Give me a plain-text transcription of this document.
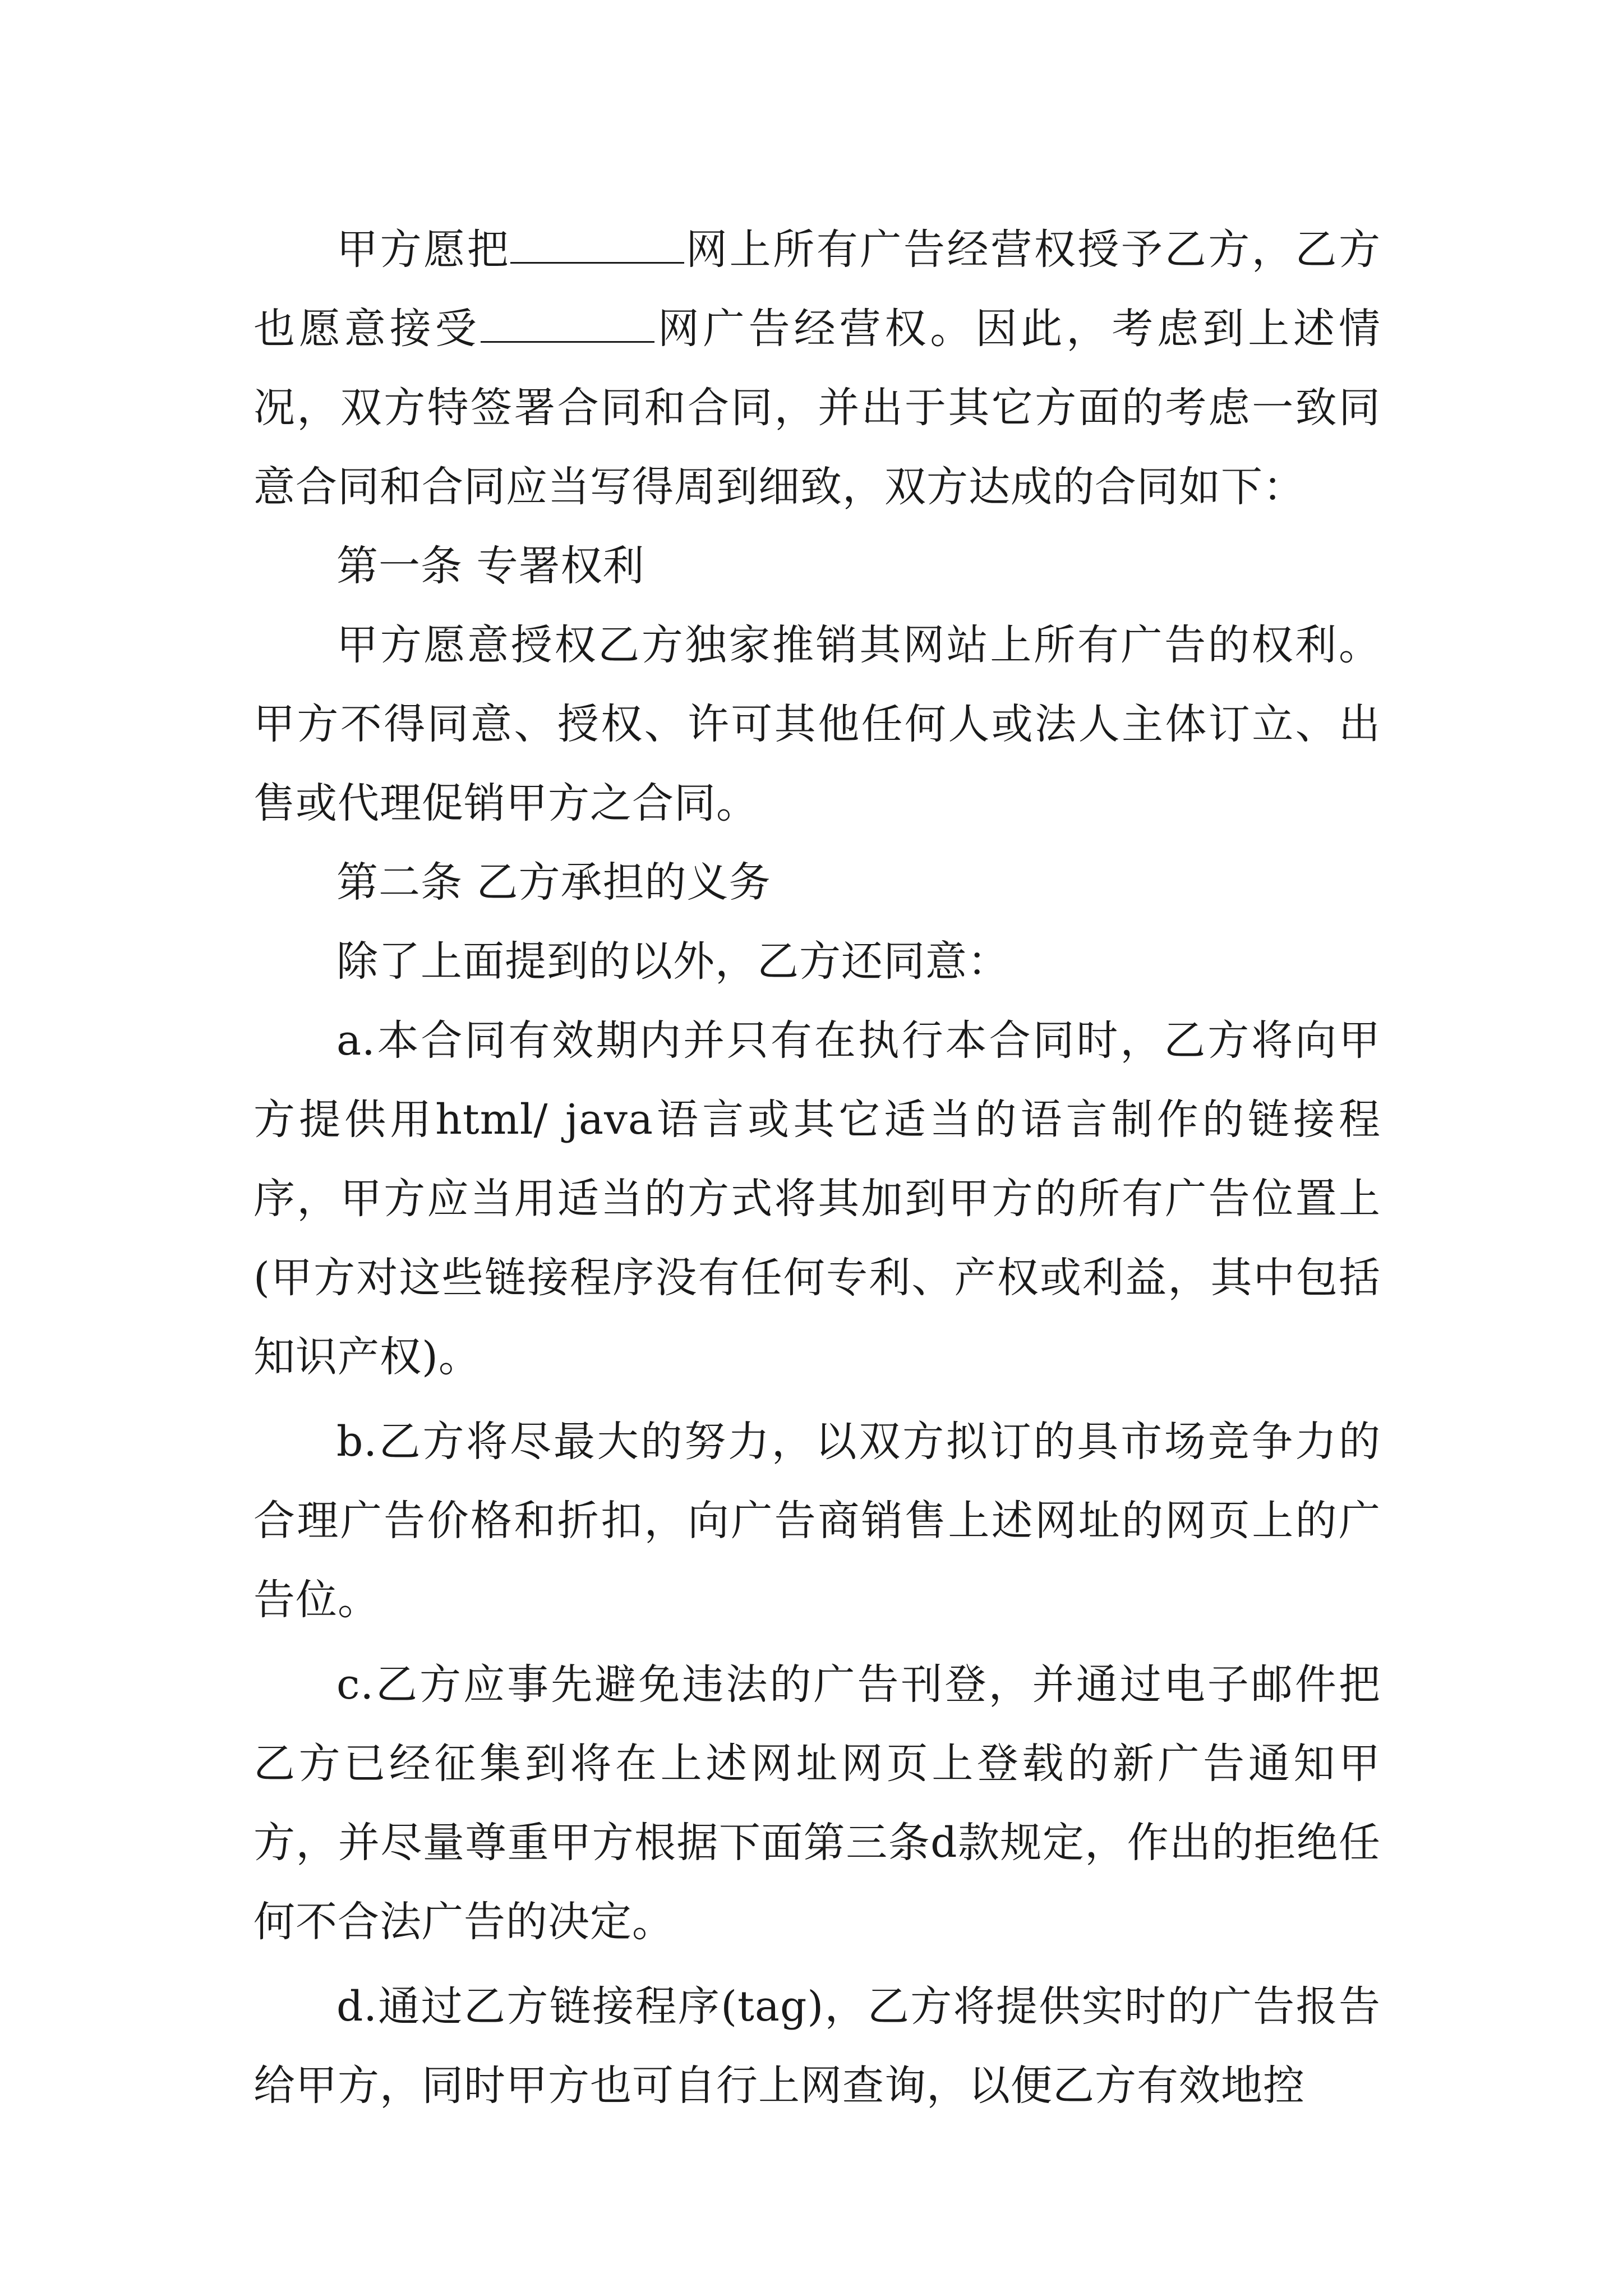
甲方愿把	网上所有广告经营权授予乙方，乙方也愿意接受	网广告经营权。因此，考虑到上述情况，双方特签署合同和合同，并出于其它方面的考虑一致同意合同和合同应当写得周到细致，双方达成的合同如下：

第一条 专署权利

甲方愿意授权乙方独家推销其网站上所有广告的权利。甲方不得同意、授权、许可其他任何人或法人主体订立、出售或代理促销甲方之合同。

第二条 乙方承担的义务

除了上面提到的以外，乙方还同意：

a.本合同有效期内并只有在执行本合同时，乙方将向甲方提供用html/ java语言或其它适当的语言制作的链接程序，甲方应当用适当的方式将其加到甲方的所有广告位置上(甲方对这些链接程序没有任何专利、产权或利益，其中包括知识产权)。

b.乙方将尽最大的努力，以双方拟订的具市场竞争力的合理广告价格和折扣，向广告商销售上述网址的网页上的广告位。

c.乙方应事先避免违法的广告刊登，并通过电子邮件把乙方已经征集到将在上述网址网页上登载的新广告通知甲方，并尽量尊重甲方根据下面第三条d款规定，作出的拒绝任何不合法广告的决定。

d.通过乙方链接程序(tag)，乙方将提供实时的广告报告给甲方，同时甲方也可自行上网查询，以便乙方有效地控
